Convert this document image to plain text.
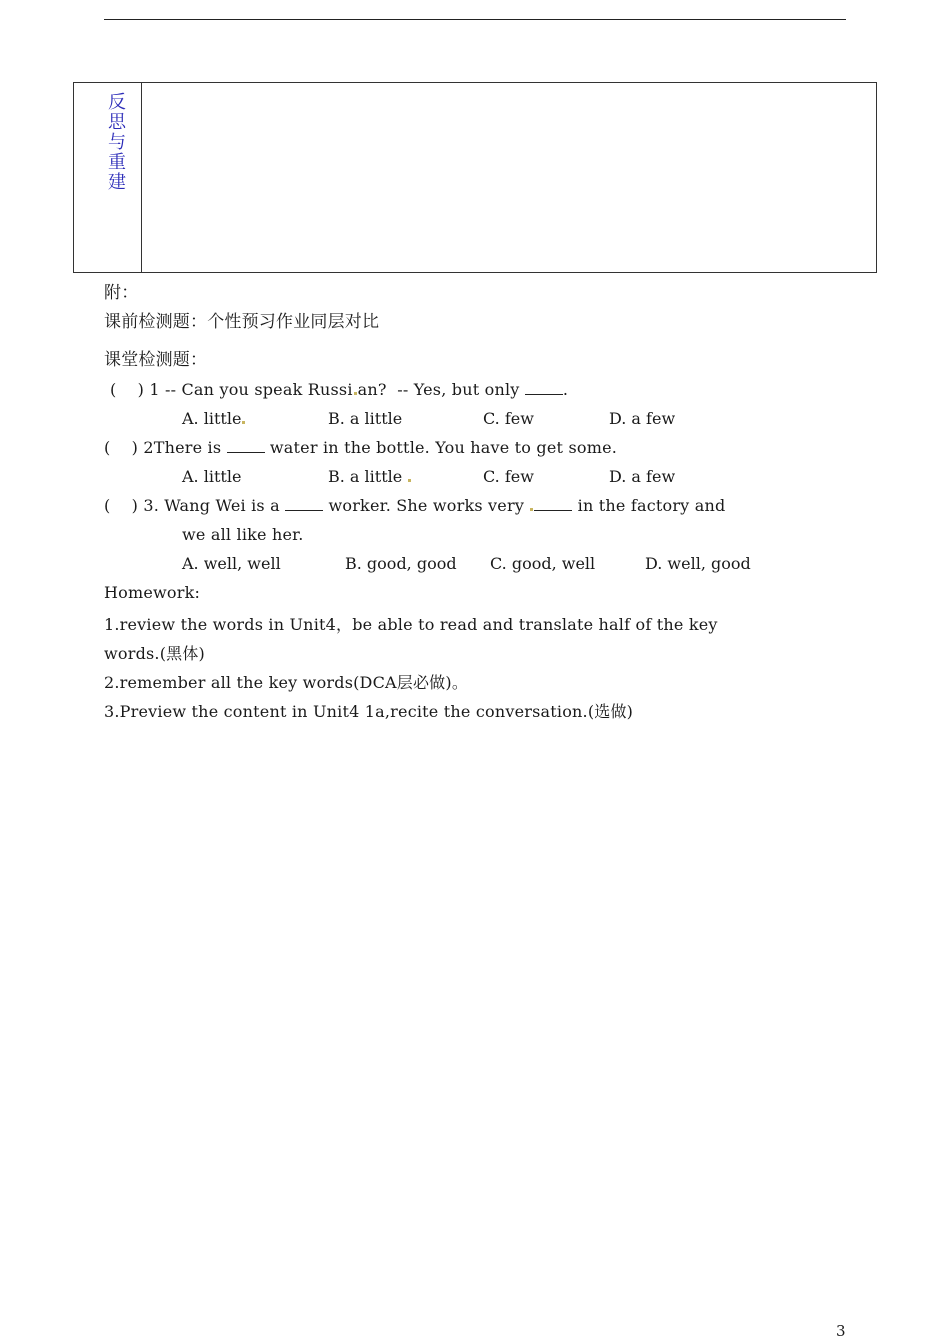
反
思
与
重
建
附：
课前检测题：个性预习作业同层对比
课堂检测题：
(    ) 1 -- Can you speak Russi an?  -- Yes, but only	.
A. little	B. a little	C. few	D. a few
(    ) 2There is	water in the bottle. You have to get some.
A. little	B. a little	C. few	D. a few
(    ) 3. Wang Wei is a	worker. She works very	in the factory and
we all like her.
A. well, well	B. good, good C. good, well	D. well, good
Homework:
1.review the words in Unit4，be able to read and translate half of the key
words.(黑体)
2.remember all the key words(DCA层必做)。
3.Preview the content in Unit4 1a,recite the conversation.(选做)
3
